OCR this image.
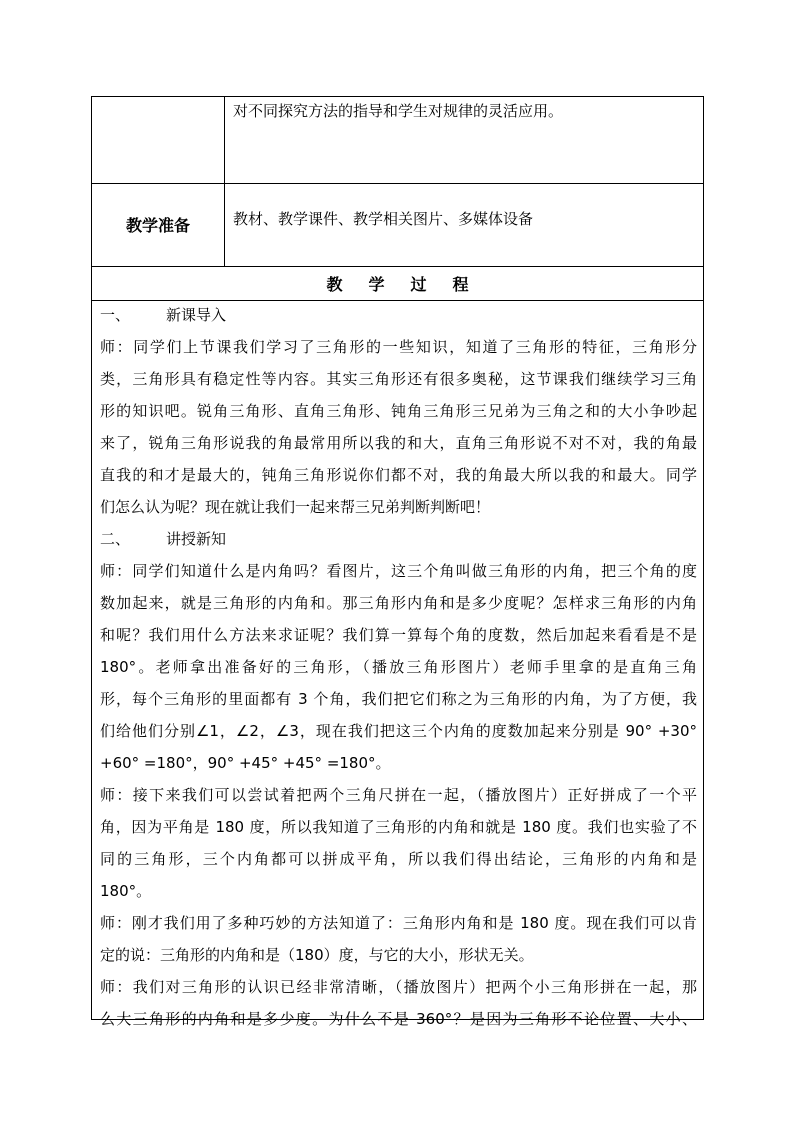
对不同探究方法的指导和学生对规律的灵活应用。
教学准备	教材、教学课件、教学相关图片、多媒体设备
教学过程
一、 新课导入
师：同学们上节课我们学习了三角形的一些知识，知道了三角形的特征，三角形分
类，三角形具有稳定性等内容。其实三角形还有很多奥秘，这节课我们继续学习三角
形的知识吧。锐角三角形、直角三角形、钝角三角形三兄弟为三角之和的大小争吵起
来了，锐角三角形说我的角最常用所以我的和大，直角三角形说不对不对，我的角最
直我的和才是最大的，钝角三角形说你们都不对，我的角最大所以我的和最大。同学
们怎么认为呢？现在就让我们一起来帮三兄弟判断判断吧！
二、 讲授新知
师：同学们知道什么是内角吗？看图片，这三个角叫做三角形的内角，把三个角的度
数加起来，就是三角形的内角和。那三角形内角和是多少度呢？怎样求三角形的内角
和呢？我们用什么方法来求证呢？我们算一算每个角的度数，然后加起来看看是不是
180°。老师拿出准备好的三角形，（播放三角形图片）老师手里拿的是直角三角
形，每个三角形的里面都有 3 个角，我们把它们称之为三角形的内角，为了方便，我
们给他们分别∠1，∠2，∠3，现在我们把这三个内角的度数加起来分别是 90° +30°
+60° =180°，90° +45° +45° =180°。
师：接下来我们可以尝试着把两个三角尺拼在一起，（播放图片）正好拼成了一个平
角，因为平角是 180 度，所以我知道了三角形的内角和就是 180 度。我们也实验了不
同的三角形，三个内角都可以拼成平角，所以我们得出结论，三角形的内角和是
180°。
师：刚才我们用了多种巧妙的方法知道了：三角形内角和是 180 度。现在我们可以肯
定的说：三角形的内角和是（180）度，与它的大小，形状无关。
师：我们对三角形的认识已经非常清晰，（播放图片）把两个小三角形拼在一起，那
么大三角形的内角和是多少度。为什么不是 360°？是因为三角形不论位置、大小、
